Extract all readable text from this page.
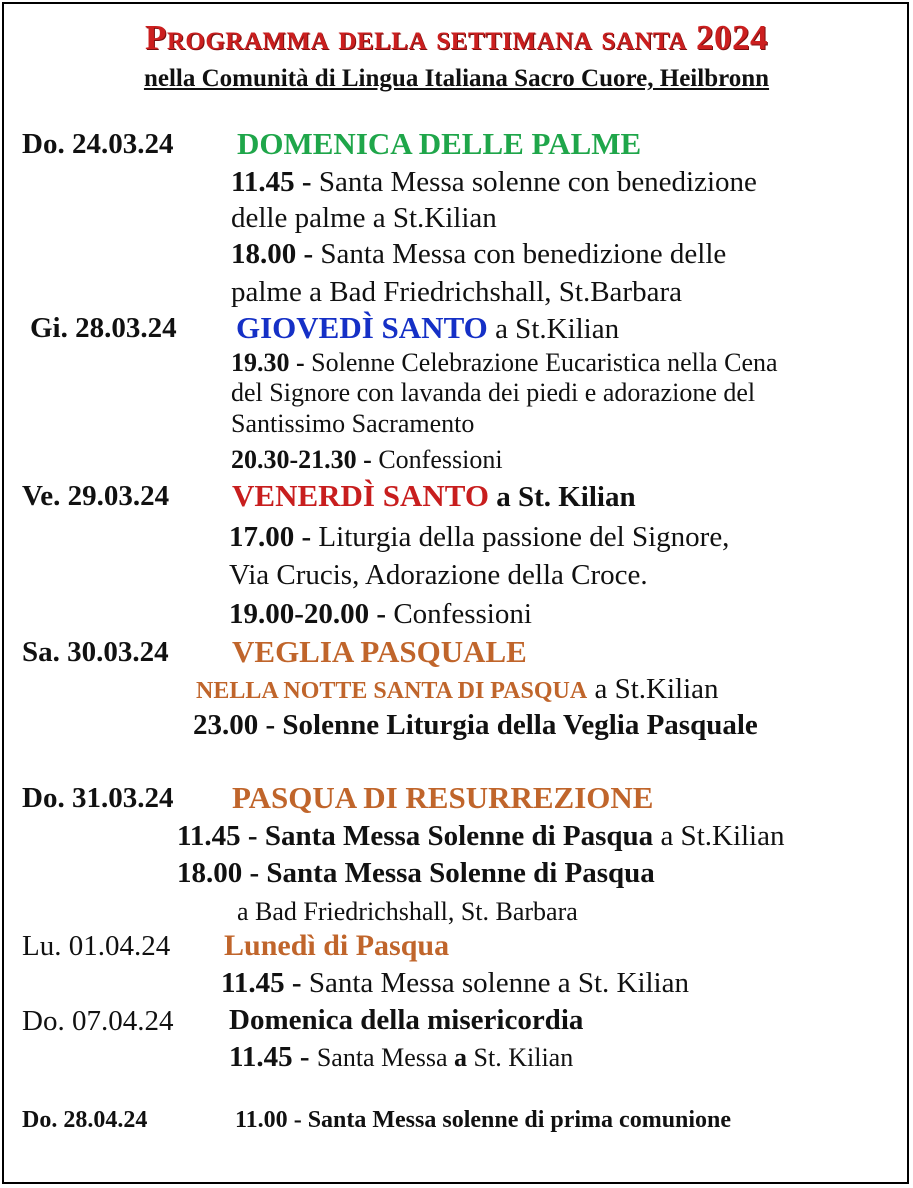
Programma della settimana santa 2024
nella Comunità di Lingua Italiana Sacro Cuore, Heilbronn
Do. 24.03.24 DOMENICA DELLE PALME
11.45 - Santa Messa solenne con benedizione
delle palme a St.Kilian
18.00 - Santa Messa con benedizione delle
palme a Bad Friedrichshall, St.Barbara
Gi. 28.03.24 GIOVEDÌ SANTO a St.Kilian
19.30 - Solenne Celebrazione Eucaristica nella Cena
del Signore con lavanda dei piedi e adorazione del
Santissimo Sacramento
20.30-21.30 - Confessioni
Ve. 29.03.24 VENERDÌ SANTO a St. Kilian
17.00 - Liturgia della passione del Signore,
Via Crucis, Adorazione della Croce.
19.00-20.00 - Confessioni
Sa. 30.03.24 VEGLIA PASQUALE
NELLA NOTTE SANTA DI PASQUA a St.Kilian
23.00 - Solenne Liturgia della Veglia Pasquale
Do. 31.03.24 PASQUA DI RESURREZIONE
11.45 - Santa Messa Solenne di Pasqua a St.Kilian
18.00 - Santa Messa Solenne di Pasqua
a Bad Friedrichshall, St. Barbara
Lu. 01.04.24 Lunedì di Pasqua
11.45 - Santa Messa solenne a St. Kilian
Do. 07.04.24 Domenica della misericordia
11.45 - Santa Messa a St. Kilian
Do. 28.04.24	11.00 - Santa Messa solenne di prima comunione
